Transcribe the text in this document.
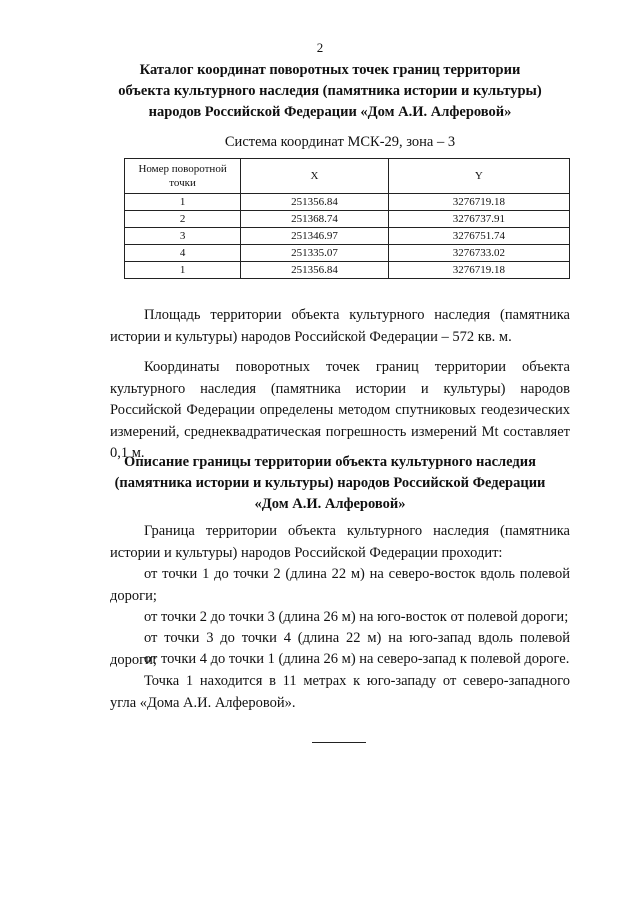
2
Каталог координат поворотных точек границ территории
объекта культурного наследия (памятника истории и культуры)
народов Российской Федерации «Дом А.И. Алферовой»
Система координат МСК-29, зона – 3
Номер поворотной точки	X	Y
1	251356.84	3276719.18
2	251368.74	3276737.91
3	251346.97	3276751.74
4	251335.07	3276733.02
1	251356.84	3276719.18
Площадь территории объекта культурного наследия (памятника истории и культуры) народов Российской Федерации – 572 кв. м.
Координаты поворотных точек границ территории объекта культурного наследия (памятника истории и культуры) народов Российской Федерации определены методом спутниковых геодезических измерений, среднеквадратическая погрешность измерений Mt составляет 0,1 м.
Описание границы территории объекта культурного наследия
(памятника истории и культуры) народов Российской Федерации
«Дом А.И. Алферовой»
Граница территории объекта культурного наследия (памятника истории и культуры) народов Российской Федерации проходит:
от точки 1 до точки 2 (длина 22 м) на северо-восток вдоль полевой дороги;
от точки 2 до точки 3 (длина 26 м) на юго-восток от полевой дороги;
от точки 3 до точки 4 (длина 22 м) на юго-запад вдоль полевой дороги;
от точки 4 до точки 1 (длина 26 м) на северо-запад к полевой дороге.
Точка 1 находится в 11 метрах к юго-западу от северо-западного угла «Дома А.И. Алферовой».
